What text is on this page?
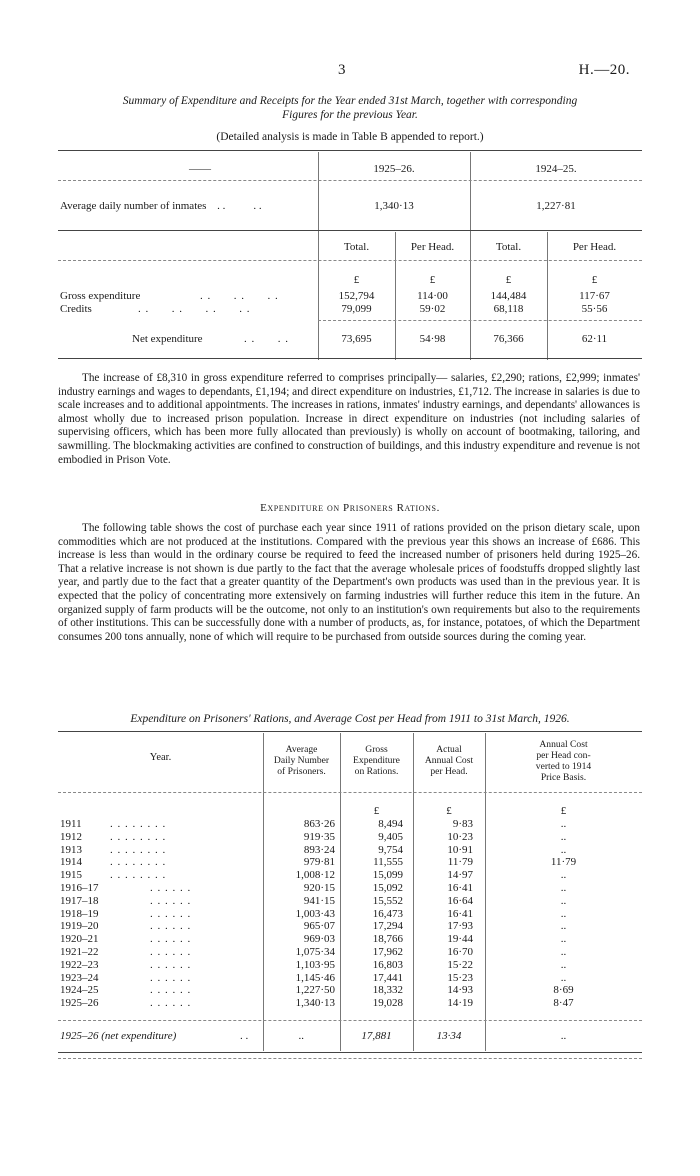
3	H.—20.
Summary of Expenditure and Receipts for the Year ended 31st March, together with corresponding
Figures for the previous Year.
(Detailed analysis is made in Table B appended to report.)
——	1925–26.	1924–25.
Average daily number of inmates . .	. .	1,340·13	1,227·81
Total.	Per Head.	Total.	Per Head.
£	£	£	£
Gross expenditure	. .      . .      . .	152,794	114·00	144,484	117·67
Credits	. .      . .      . .      . .	79,099	59·02	68,118	55·56
Net expenditure	. .      . .	73,695	54·98	76,366	62·11

The increase of £8,310 in gross expenditure referred to comprises principally— salaries, £2,290; rations, £2,999; inmates' industry earnings and wages to dependants, £1,194; and direct expenditure on industries, £1,712. The increase in salaries is due to scale increases and to additional appointments. The increases in rations, inmates' industry earnings, and dependants' allowances is almost wholly due to increased prison population. Increase in direct expenditure on industries (not including salaries of supervising officers, which has been more fully allocated than previously) is wholly on account of bootmaking, tailoring, and sawmilling. The blockmaking activities are confined to construction of buildings, and this industry expenditure and revenue is not embodied in Prison Vote.

Expenditure on Prisoners Rations.

The following table shows the cost of purchase each year since 1911 of rations provided on the prison dietary scale, upon commodities which are not produced at the institutions. Compared with the previous year this shows an increase of £686. This increase is less than would in the ordinary course be required to feed the increased number of prisoners held during 1925–26. That a relative increase is not shown is due partly to the fact that the average wholesale prices of foodstuffs dropped slightly last year, and partly due to the fact that a greater quantity of the Department's own products was used than in the previous year. It is expected that the policy of concentrating more extensively on farming industries will further reduce this item in the future. An organized supply of farm products will be the outcome, not only to an institution's own requirements but also to the requirements of other institutions. This can be successfully done with a number of products, as, for instance, potatoes, of which the Department consumes 200 tons annually, none of which will require to be purchased from outside sources during the coming year.

Expenditure on Prisoners' Rations, and Average Cost per Head from 1911 to 31st March, 1926.
Year.
Average
Daily Number
of Prisoners.
Gross
Expenditure
on Rations.
Actual
Annual Cost
per Head.
Annual Cost
per Head con-
verted to 1914
Price Basis.
£	£	£
1911	. . . . . . . .	863·26	8,494	9·83	..
1912	. . . . . . . .	919·35	9,405	10·23	..
1913	. . . . . . . .	893·24	9,754	10·91	..
1914	. . . . . . . .	979·81	11,555	11·79	11·79
1915	. . . . . . . .	1,008·12	15,099	14·97	..
1916–17	. . . . . .	920·15	15,092	16·41	..
1917–18	. . . . . .	941·15	15,552	16·64	..
1918–19	. . . . . .	1,003·43	16,473	16·41	..
1919–20	. . . . . .	965·07	17,294	17·93	..
1920–21	. . . . . .	969·03	18,766	19·44	..
1921–22	. . . . . .	1,075·34	17,962	16·70	..
1922–23	. . . . . .	1,103·95	16,803	15·22	..
1923–24	. . . . . .	1,145·46	17,441	15·23	..
1924–25	. . . . . .	1,227·50	18,332	14·93	8·69
1925–26	. . . . . .	1,340·13	19,028	14·19	8·47
1925–26 (net expenditure)	. .	..	17,881	13·34	..
